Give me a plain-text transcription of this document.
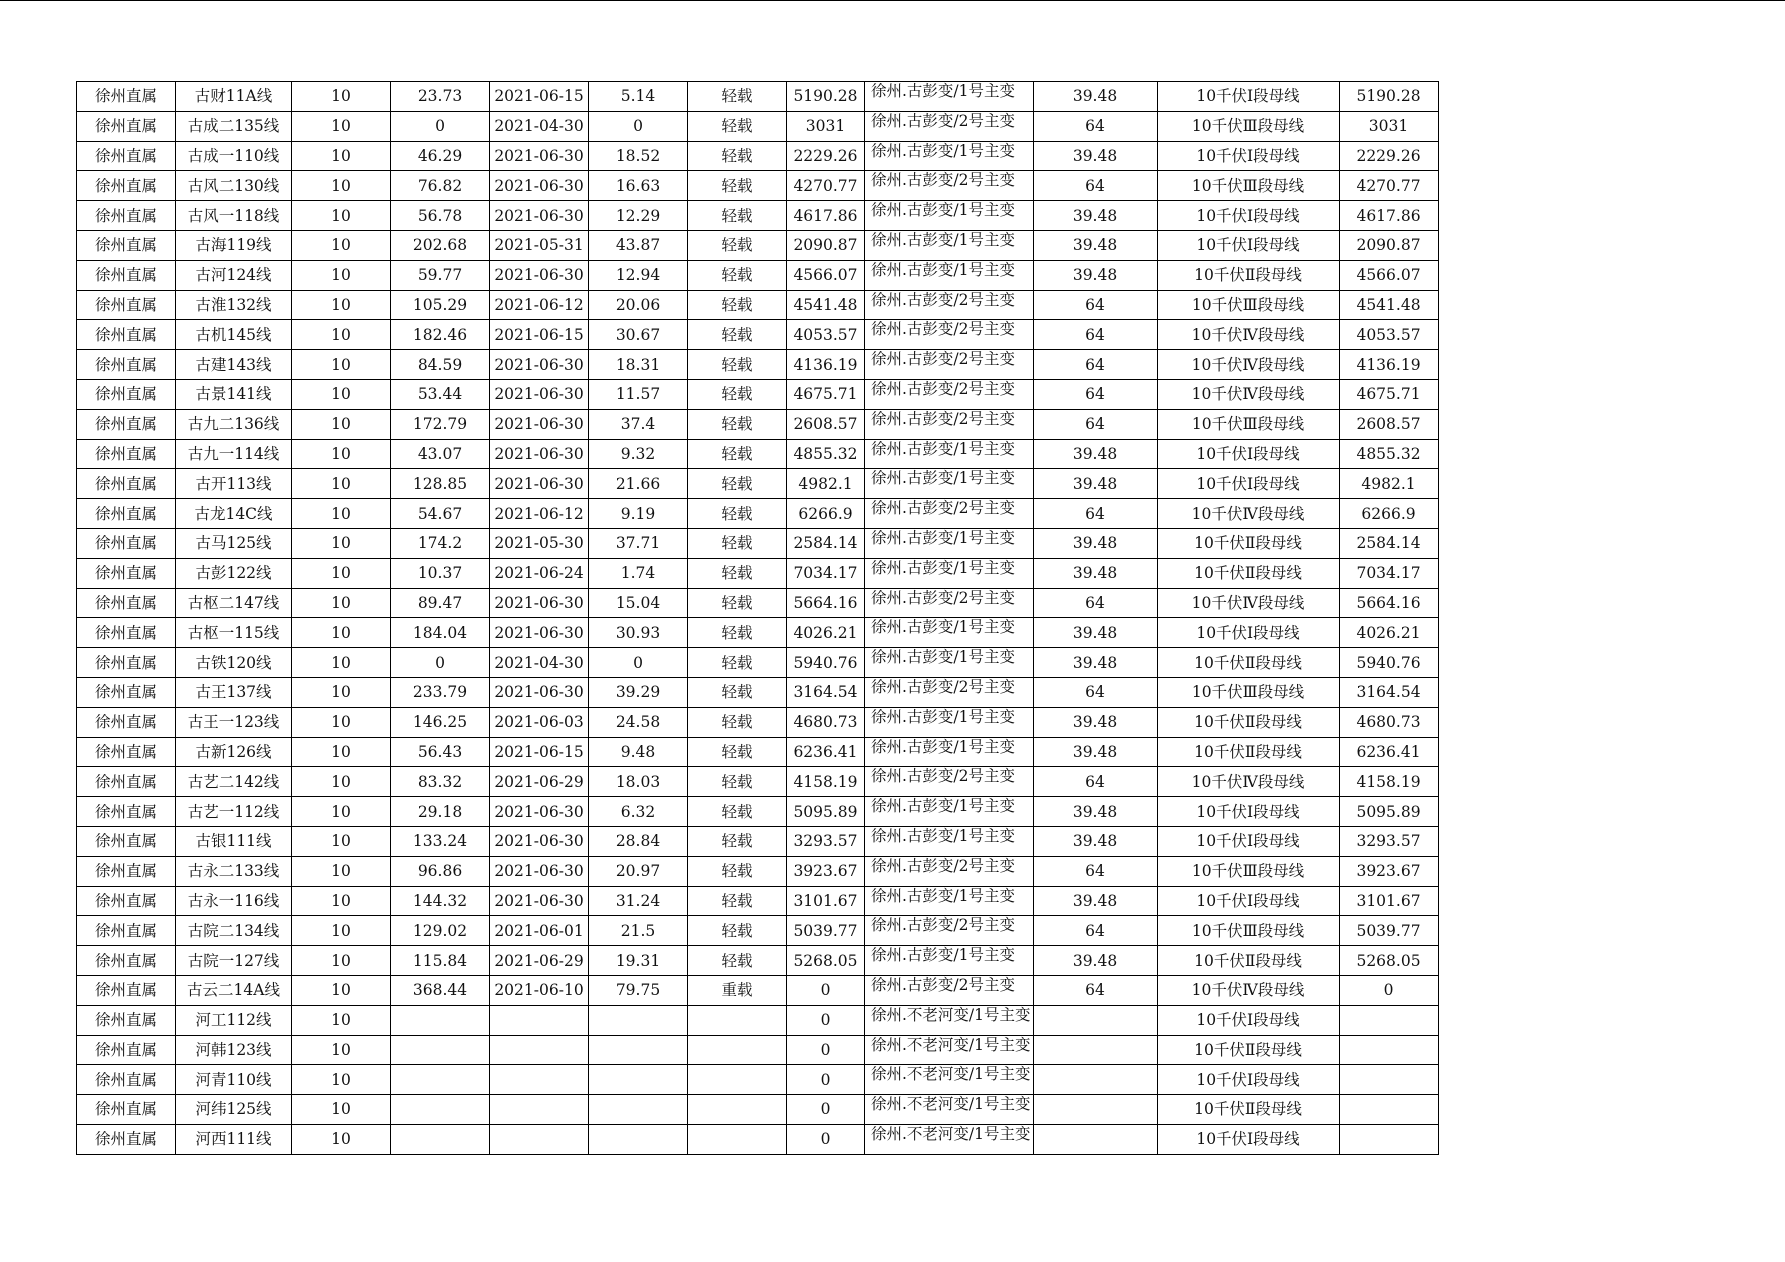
徐州直属	古财11A线	10	23.73	2021-06-15	5.14	轻载	5190.28	徐州.古彭变/1号主变	39.48	10千伏Ⅰ段母线	5190.28
徐州直属	古成二135线	10	0	2021-04-30	0	轻载	3031	徐州.古彭变/2号主变	64	10千伏Ⅲ段母线	3031
徐州直属	古成一110线	10	46.29	2021-06-30	18.52	轻载	2229.26	徐州.古彭变/1号主变	39.48	10千伏Ⅰ段母线	2229.26
徐州直属	古风二130线	10	76.82	2021-06-30	16.63	轻载	4270.77	徐州.古彭变/2号主变	64	10千伏Ⅲ段母线	4270.77
徐州直属	古风一118线	10	56.78	2021-06-30	12.29	轻载	4617.86	徐州.古彭变/1号主变	39.48	10千伏Ⅰ段母线	4617.86
徐州直属	古海119线	10	202.68	2021-05-31	43.87	轻载	2090.87	徐州.古彭变/1号主变	39.48	10千伏Ⅰ段母线	2090.87
徐州直属	古河124线	10	59.77	2021-06-30	12.94	轻载	4566.07	徐州.古彭变/1号主变	39.48	10千伏Ⅱ段母线	4566.07
徐州直属	古淮132线	10	105.29	2021-06-12	20.06	轻载	4541.48	徐州.古彭变/2号主变	64	10千伏Ⅲ段母线	4541.48
徐州直属	古机145线	10	182.46	2021-06-15	30.67	轻载	4053.57	徐州.古彭变/2号主变	64	10千伏Ⅳ段母线	4053.57
徐州直属	古建143线	10	84.59	2021-06-30	18.31	轻载	4136.19	徐州.古彭变/2号主变	64	10千伏Ⅳ段母线	4136.19
徐州直属	古景141线	10	53.44	2021-06-30	11.57	轻载	4675.71	徐州.古彭变/2号主变	64	10千伏Ⅳ段母线	4675.71
徐州直属	古九二136线	10	172.79	2021-06-30	37.4	轻载	2608.57	徐州.古彭变/2号主变	64	10千伏Ⅲ段母线	2608.57
徐州直属	古九一114线	10	43.07	2021-06-30	9.32	轻载	4855.32	徐州.古彭变/1号主变	39.48	10千伏Ⅰ段母线	4855.32
徐州直属	古开113线	10	128.85	2021-06-30	21.66	轻载	4982.1	徐州.古彭变/1号主变	39.48	10千伏Ⅰ段母线	4982.1
徐州直属	古龙14C线	10	54.67	2021-06-12	9.19	轻载	6266.9	徐州.古彭变/2号主变	64	10千伏Ⅳ段母线	6266.9
徐州直属	古马125线	10	174.2	2021-05-30	37.71	轻载	2584.14	徐州.古彭变/1号主变	39.48	10千伏Ⅱ段母线	2584.14
徐州直属	古彭122线	10	10.37	2021-06-24	1.74	轻载	7034.17	徐州.古彭变/1号主变	39.48	10千伏Ⅱ段母线	7034.17
徐州直属	古枢二147线	10	89.47	2021-06-30	15.04	轻载	5664.16	徐州.古彭变/2号主变	64	10千伏Ⅳ段母线	5664.16
徐州直属	古枢一115线	10	184.04	2021-06-30	30.93	轻载	4026.21	徐州.古彭变/1号主变	39.48	10千伏Ⅰ段母线	4026.21
徐州直属	古铁120线	10	0	2021-04-30	0	轻载	5940.76	徐州.古彭变/1号主变	39.48	10千伏Ⅱ段母线	5940.76
徐州直属	古王137线	10	233.79	2021-06-30	39.29	轻载	3164.54	徐州.古彭变/2号主变	64	10千伏Ⅲ段母线	3164.54
徐州直属	古王一123线	10	146.25	2021-06-03	24.58	轻载	4680.73	徐州.古彭变/1号主变	39.48	10千伏Ⅱ段母线	4680.73
徐州直属	古新126线	10	56.43	2021-06-15	9.48	轻载	6236.41	徐州.古彭变/1号主变	39.48	10千伏Ⅱ段母线	6236.41
徐州直属	古艺二142线	10	83.32	2021-06-29	18.03	轻载	4158.19	徐州.古彭变/2号主变	64	10千伏Ⅳ段母线	4158.19
徐州直属	古艺一112线	10	29.18	2021-06-30	6.32	轻载	5095.89	徐州.古彭变/1号主变	39.48	10千伏Ⅰ段母线	5095.89
徐州直属	古银111线	10	133.24	2021-06-30	28.84	轻载	3293.57	徐州.古彭变/1号主变	39.48	10千伏Ⅰ段母线	3293.57
徐州直属	古永二133线	10	96.86	2021-06-30	20.97	轻载	3923.67	徐州.古彭变/2号主变	64	10千伏Ⅲ段母线	3923.67
徐州直属	古永一116线	10	144.32	2021-06-30	31.24	轻载	3101.67	徐州.古彭变/1号主变	39.48	10千伏Ⅰ段母线	3101.67
徐州直属	古院二134线	10	129.02	2021-06-01	21.5	轻载	5039.77	徐州.古彭变/2号主变	64	10千伏Ⅲ段母线	5039.77
徐州直属	古院一127线	10	115.84	2021-06-29	19.31	轻载	5268.05	徐州.古彭变/1号主变	39.48	10千伏Ⅱ段母线	5268.05
徐州直属	古云二14A线	10	368.44	2021-06-10	79.75	重载	0	徐州.古彭变/2号主变	64	10千伏Ⅳ段母线	0
徐州直属	河工112线	10					0	徐州.不老河变/1号主变		10千伏Ⅰ段母线	
徐州直属	河韩123线	10					0	徐州.不老河变/1号主变		10千伏Ⅱ段母线	
徐州直属	河青110线	10					0	徐州.不老河变/1号主变		10千伏Ⅰ段母线	
徐州直属	河纬125线	10					0	徐州.不老河变/1号主变		10千伏Ⅱ段母线	
徐州直属	河西111线	10					0	徐州.不老河变/1号主变		10千伏Ⅰ段母线	
